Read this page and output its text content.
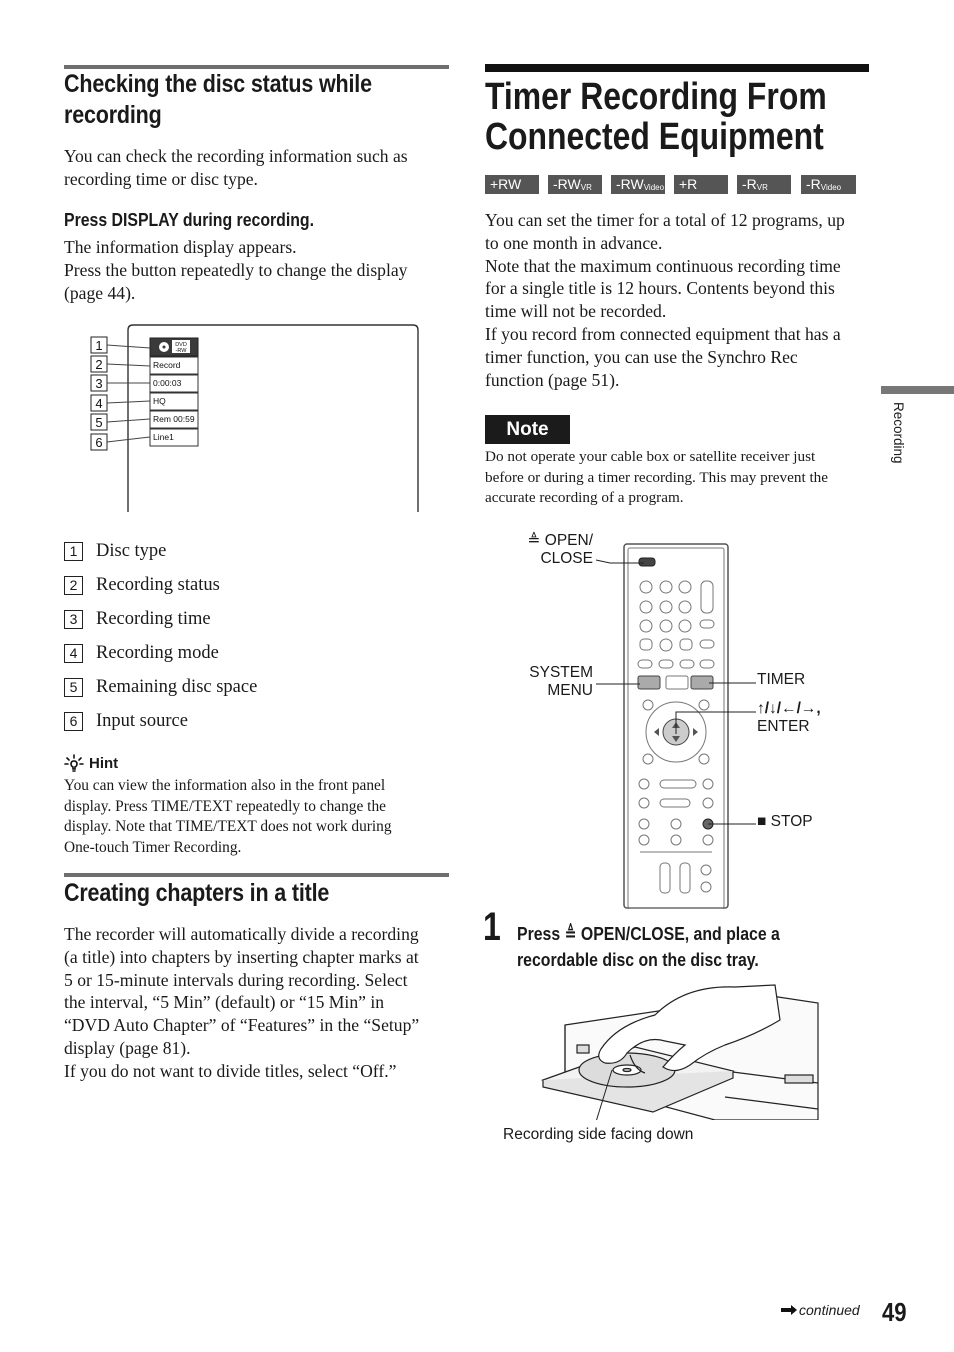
Checking the disc status while
recording

You can check the recording information such as
recording time or disc type.

Press DISPLAY during recording.

The information display appears.
Press the button repeatedly to change the display
(page 44).

1
2
3
4
5
6
DVD
-RW
Record
0:00:03
HQ
Rem 00:59
Line1
1	Disc type
2	Recording status
3	Recording time
4	Recording mode
5	Remaining disc space
6	Input source
Hint

You can view the information also in the front panel
display. Press TIME/TEXT repeatedly to change the
display. Note that TIME/TEXT does not work during
One-touch Timer Recording.

Creating chapters in a title

The recorder will automatically divide a recording
(a title) into chapters by inserting chapter marks at
5 or 15-minute intervals during recording. Select
the interval, “5 Min” (default) or “15 Min” in
“DVD Auto Chapter” of “Features” in the “Setup”
display (page 81).
If you do not want to divide titles, select “Off.”

Timer Recording From
Connected Equipment
+RW	$-RW_{VR}$	$-RW_{Video}$	+R	$-R_{VR}$	$-R_{Video}$

You can set the timer for a total of 12 programs, up
to one month in advance.
Note that the maximum continuous recording time
for a single title is 12 hours. Contents beyond this
time will not be recorded.
If you record from connected equipment that has a
timer function, you can use the Synchro Rec
function (page 51).

Note

Do not operate your cable box or satellite receiver just
before or during a timer recording. This may prevent the
accurate recording of a program.

≜ OPEN/
CLOSE
SYSTEM
MENU
TIMER
↑/↓/←/→,
ENTER
■ STOP
1 Press ≜ OPEN/CLOSE, and place a
recordable disc on the disc tray.

Recording side facing down
Recording
continued 49
